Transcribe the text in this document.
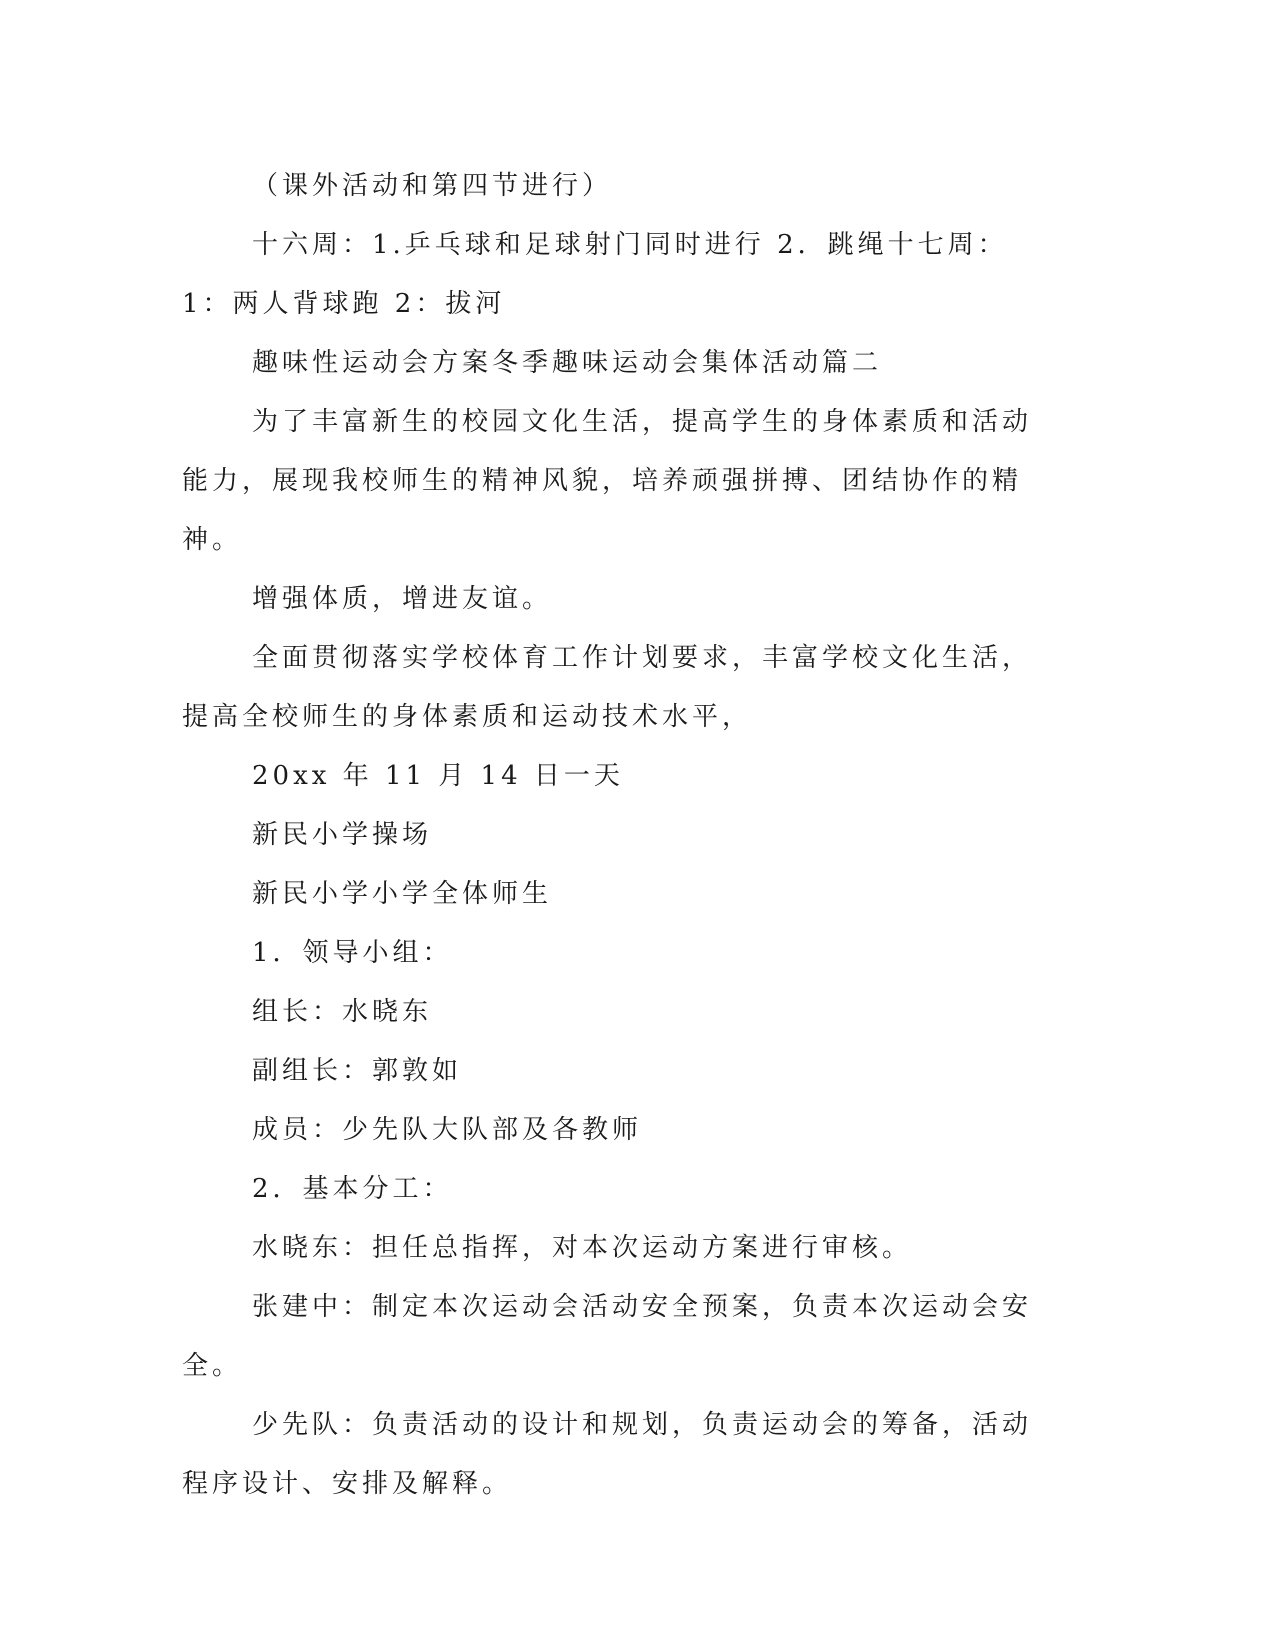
（课外活动和第四节进行）

十六周：1.乒乓球和足球射门同时进行 2．跳绳十七周：1：两人背球跑 2：拔河

趣味性运动会方案冬季趣味运动会集体活动篇二

为了丰富新生的校园文化生活，提高学生的身体素质和活动能力，展现我校师生的精神风貌，培养顽强拼搏、团结协作的精神。

增强体质，增进友谊。

全面贯彻落实学校体育工作计划要求，丰富学校文化生活，提高全校师生的身体素质和运动技术水平，

20xx 年 11 月 14 日一天

新民小学操场

新民小学小学全体师生

1．领导小组：

组长：水晓东

副组长：郭敦如

成员：少先队大队部及各教师

2．基本分工：

水晓东：担任总指挥，对本次运动方案进行审核。

张建中：制定本次运动会活动安全预案，负责本次运动会安全。

少先队：负责活动的设计和规划，负责运动会的筹备，活动程序设计、安排及解释。
